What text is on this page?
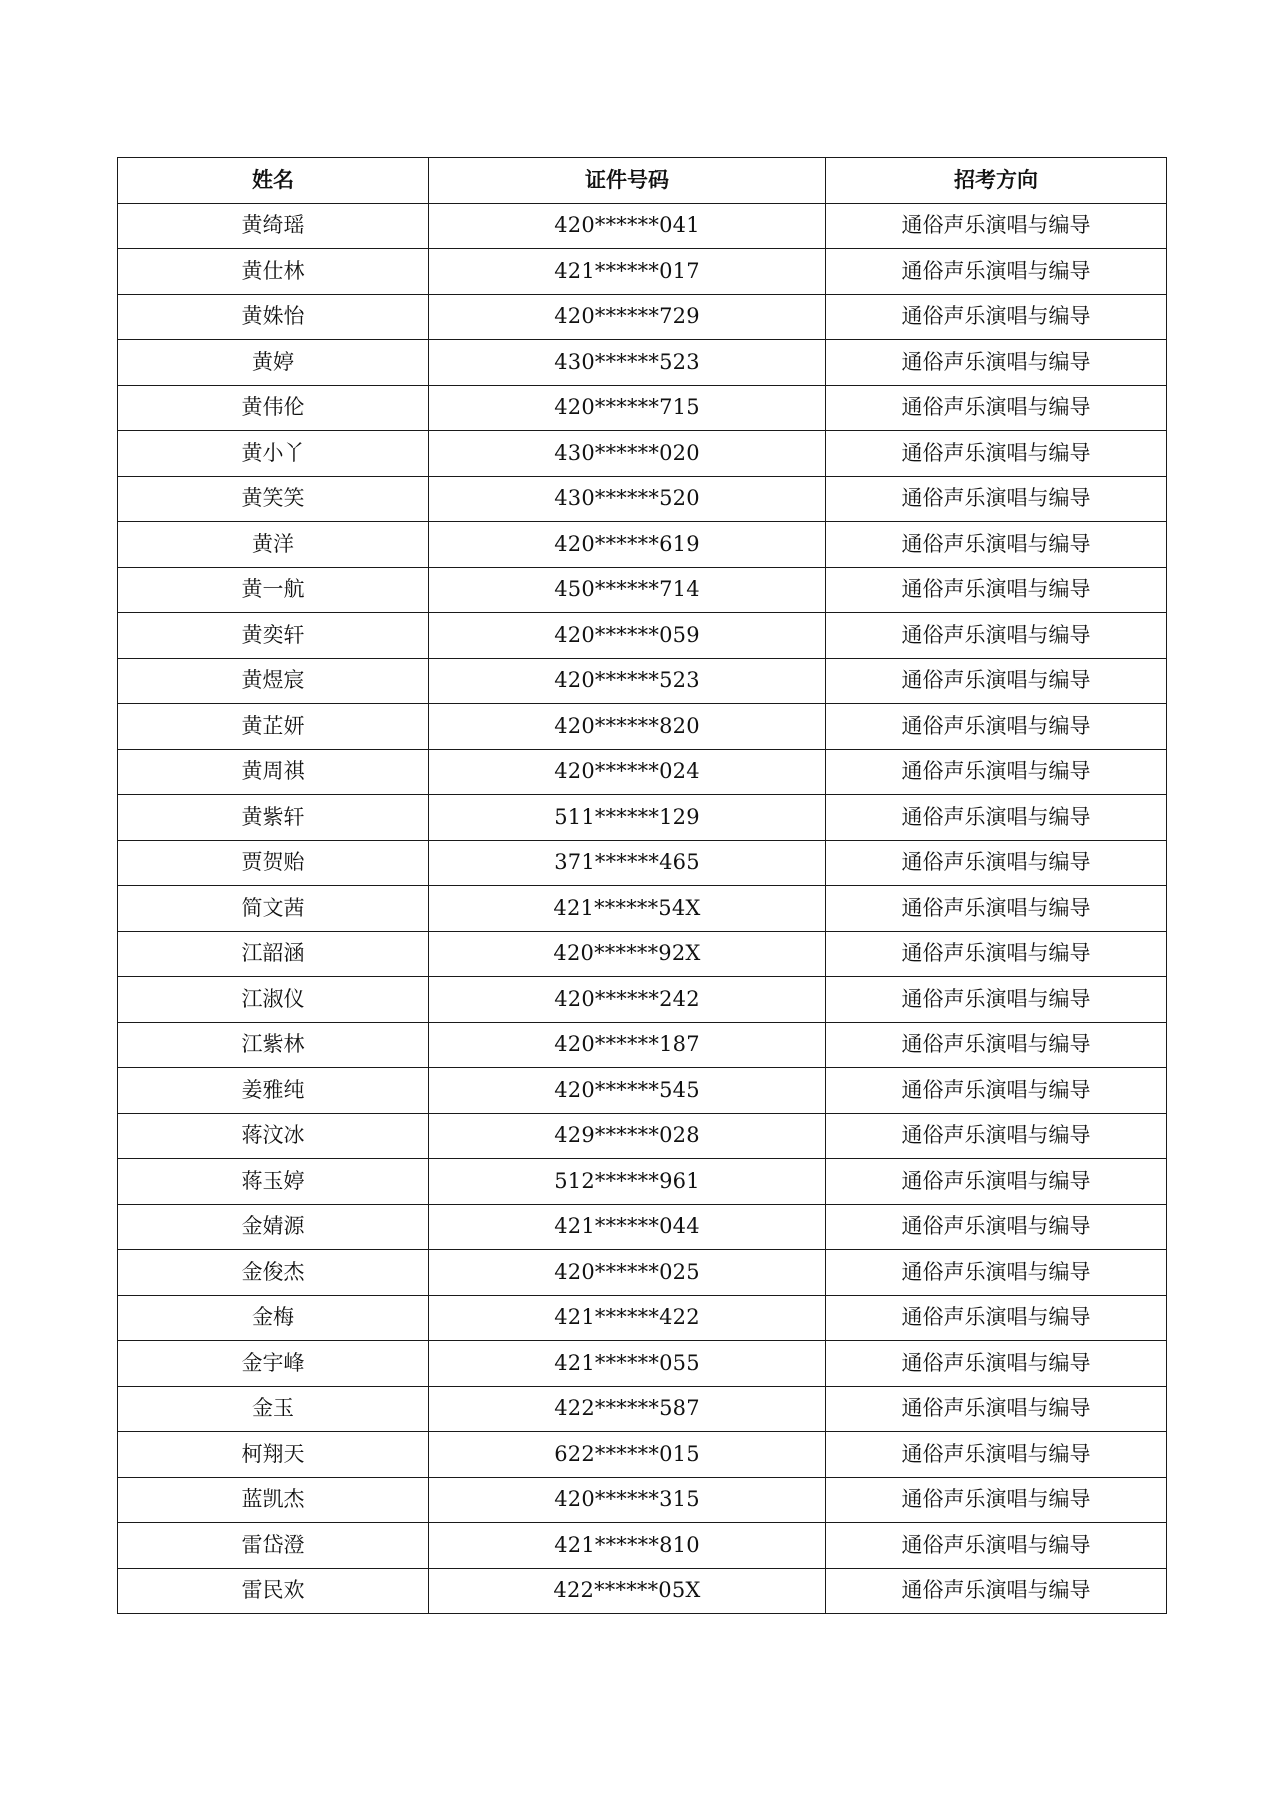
姓名	证件号码	招考方向
黄绮瑶	420******041	通俗声乐演唱与编导
黄仕林	421******017	通俗声乐演唱与编导
黄姝怡	420******729	通俗声乐演唱与编导
黄婷	430******523	通俗声乐演唱与编导
黄伟伦	420******715	通俗声乐演唱与编导
黄小丫	430******020	通俗声乐演唱与编导
黄笑笑	430******520	通俗声乐演唱与编导
黄洋	420******619	通俗声乐演唱与编导
黄一航	450******714	通俗声乐演唱与编导
黄奕轩	420******059	通俗声乐演唱与编导
黄煜宸	420******523	通俗声乐演唱与编导
黄芷妍	420******820	通俗声乐演唱与编导
黄周祺	420******024	通俗声乐演唱与编导
黄紫轩	511******129	通俗声乐演唱与编导
贾贺贻	371******465	通俗声乐演唱与编导
简文茜	421******54X	通俗声乐演唱与编导
江韶涵	420******92X	通俗声乐演唱与编导
江淑仪	420******242	通俗声乐演唱与编导
江紫林	420******187	通俗声乐演唱与编导
姜雅纯	420******545	通俗声乐演唱与编导
蒋汶冰	429******028	通俗声乐演唱与编导
蒋玉婷	512******961	通俗声乐演唱与编导
金婧源	421******044	通俗声乐演唱与编导
金俊杰	420******025	通俗声乐演唱与编导
金梅	421******422	通俗声乐演唱与编导
金宇峰	421******055	通俗声乐演唱与编导
金玉	422******587	通俗声乐演唱与编导
柯翔天	622******015	通俗声乐演唱与编导
蓝凯杰	420******315	通俗声乐演唱与编导
雷岱澄	421******810	通俗声乐演唱与编导
雷民欢	422******05X	通俗声乐演唱与编导
